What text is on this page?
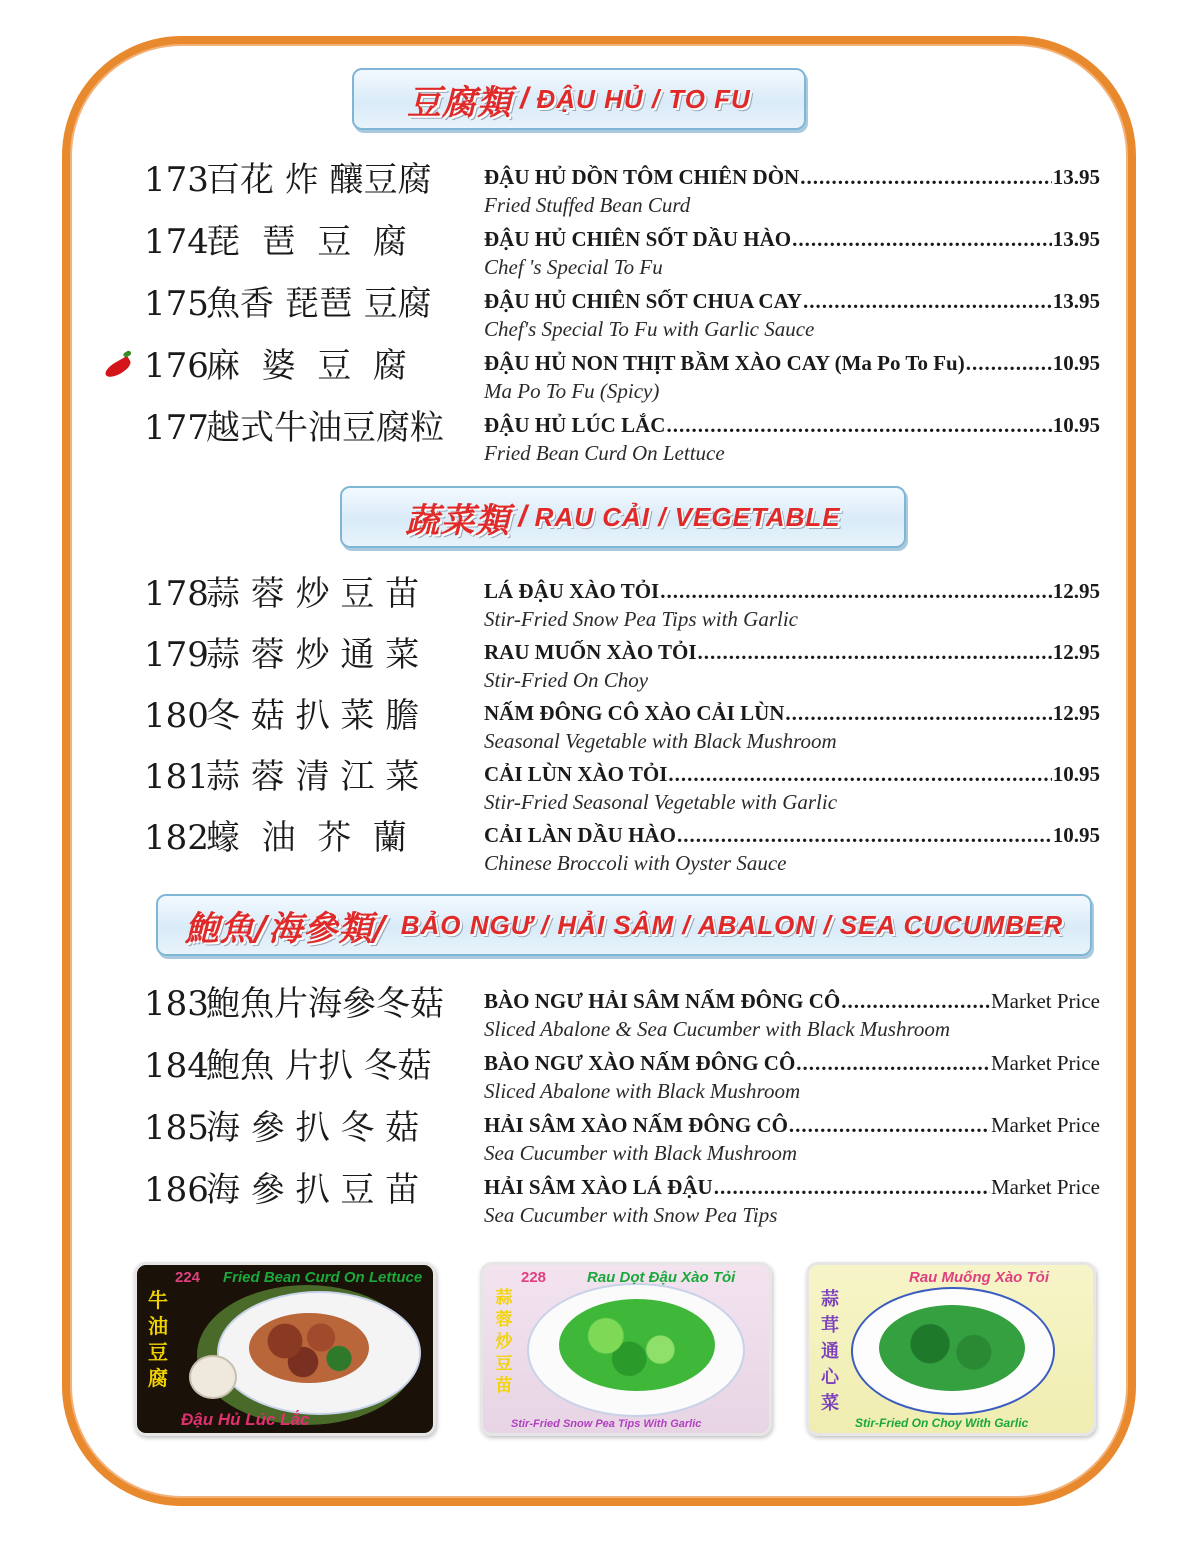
豆腐類 / ĐẬU HỦ / TO FU
173
百花 炸 釀豆腐	ĐẬU HỦ DỒN TÔM CHIÊN DÒN .....	13.95
Fried Stuffed Bean Curd
174
琵  琶  豆  腐	ĐẬU HỦ CHIÊN SỐT DẦU HÀO .....	13.95
Chef 's Special To Fu
175
魚香 琵琶 豆腐	ĐẬU HỦ CHIÊN SỐT CHUA CAY .....	13.95
Chef's Special To Fu with Garlic Sauce
176
麻  婆  豆  腐	ĐẬU HỦ NON THỊT BẦM XÀO CAY (Ma Po To Fu) .....	10.95
Ma Po To Fu (Spicy)
177
越式牛油豆腐粒	ĐẬU HỦ LÚC LẮC .....	10.95
Fried Bean Curd On Lettuce
蔬菜類 / RAU CẢI / VEGETABLE
178
蒜 蓉 炒 豆 苗	LÁ ĐẬU XÀO TỎI .....	12.95
Stir-Fried Snow Pea Tips with Garlic
179
蒜 蓉 炒 通 菜	RAU MUỐN XÀO TỎI .....	12.95
Stir-Fried On Choy
180
冬 菇 扒 菜 膽	NẤM ĐÔNG CÔ XÀO CẢI LÙN .....	12.95
Seasonal Vegetable with Black Mushroom
181
蒜 蓉 清 江 菜	CẢI LÙN XÀO TỎI .....	10.95
Stir-Fried Seasonal Vegetable with Garlic
182
蠔  油  芥  蘭	CẢI LÀN DẦU HÀO .....	10.95
Chinese Broccoli with Oyster Sauce
鮑魚/海參類/ BẢO NGƯ / HẢI SÂM / ABALON / SEA CUCUMBER
183
鮑魚片海參冬菇	BÀO NGƯ HẢI SÂM NẤM ĐÔNG CÔ .....	Market Price
Sliced Abalone & Sea Cucumber with Black Mushroom
184
鮑魚 片扒 冬菇	BÀO NGƯ XÀO NẤM ĐÔNG CÔ .....	Market Price
Sliced Abalone with Black Mushroom
185
海 參 扒 冬 菇	HẢI SÂM XÀO NẤM ĐÔNG CÔ .....	Market Price
Sea Cucumber with Black Mushroom
186
海 參 扒 豆 苗	HẢI SÂM XÀO LÁ ĐẬU .....	Market Price
Sea Cucumber with Snow Pea Tips
牛油豆腐
224 Fried Bean Curd On Lettuce
Đậu Hủ Lúc Lắc
蒜蓉炒豆苗
228	Rau Dọt Đậu Xào Tỏi
Stir-Fried Snow Pea Tips With Garlic
蒜茸通心菜
Rau Muống Xào Tỏi
Stir-Fried On Choy With Garlic
